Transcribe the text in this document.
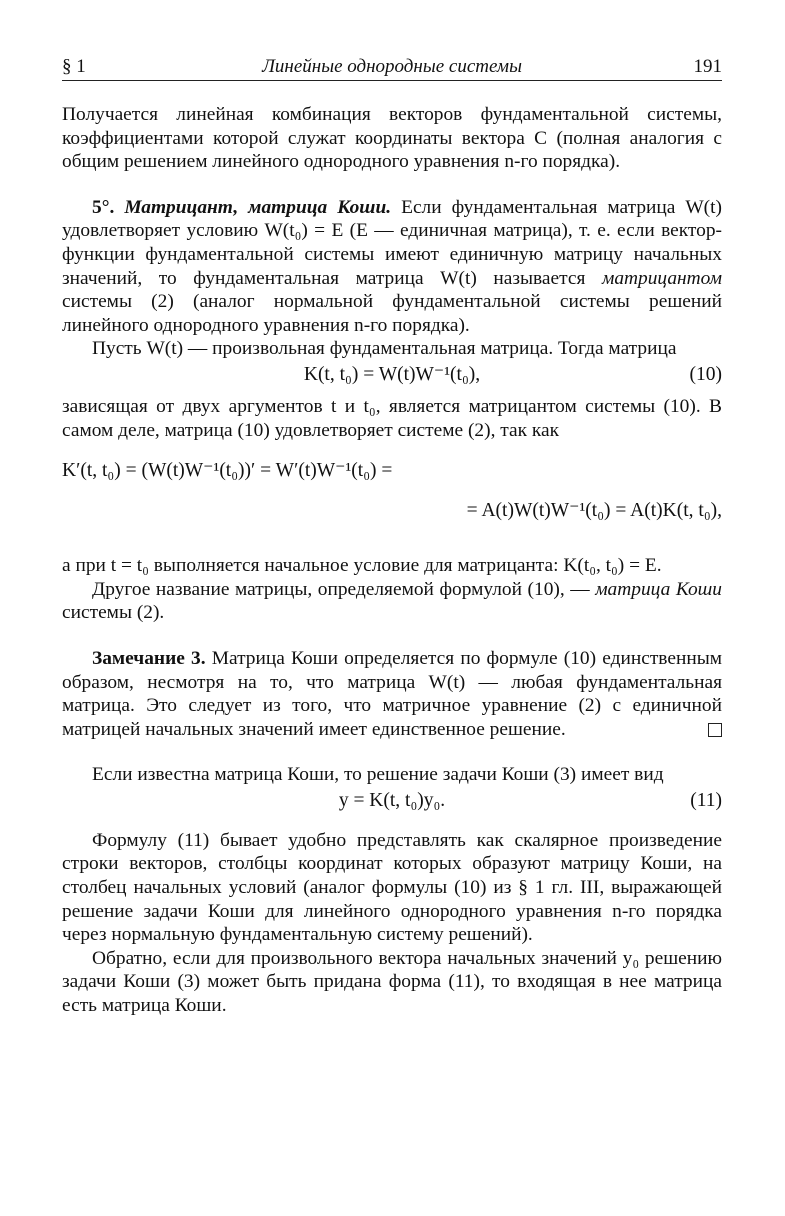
§ 1	Линейные однородные системы	191

Получается линейная комбинация векторов фундаментальной системы, коэффициентами которой служат координаты вектора C (полная аналогия с общим решением линейного однородного уравнения n-го порядка).

5°. Матрицант, матрица Коши. Если фундаментальная матрица W(t) удовлетворяет условию W(t₀) = E (E — единичная матрица), т. е. если вектор-функции фундаментальной системы имеют единичную матрицу начальных значений, то фундаментальная матрица W(t) называется матрицантом системы (2) (аналог нормальной фундаментальной системы решений линейного однородного уравнения n-го порядка).

Пусть W(t) — произвольная фундаментальная матрица. Тогда матрица

K(t, t₀) = W(t)W⁻¹(t₀),	(10)

зависящая от двух аргументов t и t₀, является матрицантом системы (10). В самом деле, матрица (10) удовлетворяет системе (2), так как

K′(t, t₀) = (W(t)W⁻¹(t₀))′ = W′(t)W⁻¹(t₀) =
= A(t)W(t)W⁻¹(t₀) = A(t)K(t, t₀),

а при t = t₀ выполняется начальное условие для матрицанта: K(t₀, t₀) = E.

Другое название матрицы, определяемой формулой (10), — матрица Коши системы (2).

Замечание 3. Матрица Коши определяется по формуле (10) единственным образом, несмотря на то, что матрица W(t) — любая фундаментальная матрица. Это следует из того, что матричное уравнение (2) с единичной матрицей начальных значений имеет единственное решение.

Если известна матрица Коши, то решение задачи Коши (3) имеет вид

y = K(t, t₀)y₀.	(11)

Формулу (11) бывает удобно представлять как скалярное произведение строки векторов, столбцы координат которых образуют матрицу Коши, на столбец начальных условий (аналог формулы (10) из § 1 гл. III, выражающей решение задачи Коши для линейного однородного уравнения n-го порядка через нормальную фундаментальную систему решений).

Обратно, если для произвольного вектора начальных значений y₀ решению задачи Коши (3) может быть придана форма (11), то входящая в нее матрица есть матрица Коши.
